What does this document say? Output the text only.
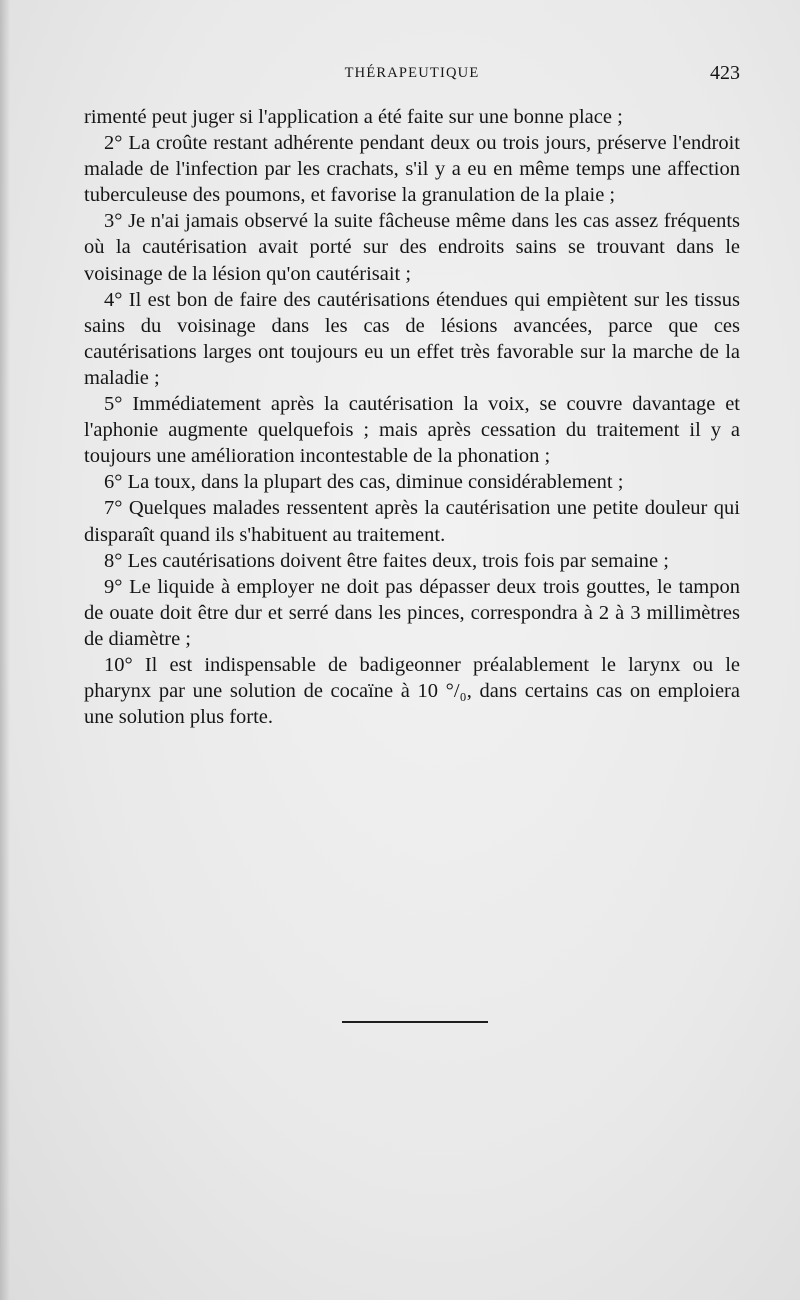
THÉRAPEUTIQUE	423

rimenté peut juger si l'application a été faite sur une bonne place ;

2° La croûte restant adhérente pendant deux ou trois jours, préserve l'endroit malade de l'infection par les crachats, s'il y a eu en même temps une affection tuberculeuse des poumons, et favorise la granulation de la plaie ;

3° Je n'ai jamais observé la suite fâcheuse même dans les cas assez fréquents où la cautérisation avait porté sur des endroits sains se trouvant dans le voisinage de la lésion qu'on cautérisait ;

4° Il est bon de faire des cautérisations étendues qui empiètent sur les tissus sains du voisinage dans les cas de lésions avancées, parce que ces cautérisations larges ont toujours eu un effet très favorable sur la marche de la maladie ;

5° Immédiatement après la cautérisation la voix, se couvre davantage et l'aphonie augmente quelquefois ; mais après cessation du traitement il y a toujours une amélioration incontestable de la phonation ;

6° La toux, dans la plupart des cas, diminue considérablement ;

7° Quelques malades ressentent après la cautérisation une petite douleur qui disparaît quand ils s'habituent au traitement.

8° Les cautérisations doivent être faites deux, trois fois par semaine ;

9° Le liquide à employer ne doit pas dépasser deux trois gouttes, le tampon de ouate doit être dur et serré dans les pinces, correspondra à 2 à 3 millimètres de diamètre ;

10° Il est indispensable de badigeonner préalablement le larynx ou le pharynx par une solution de cocaïne à 10 °/₀, dans certains cas on emploiera une solution plus forte.
